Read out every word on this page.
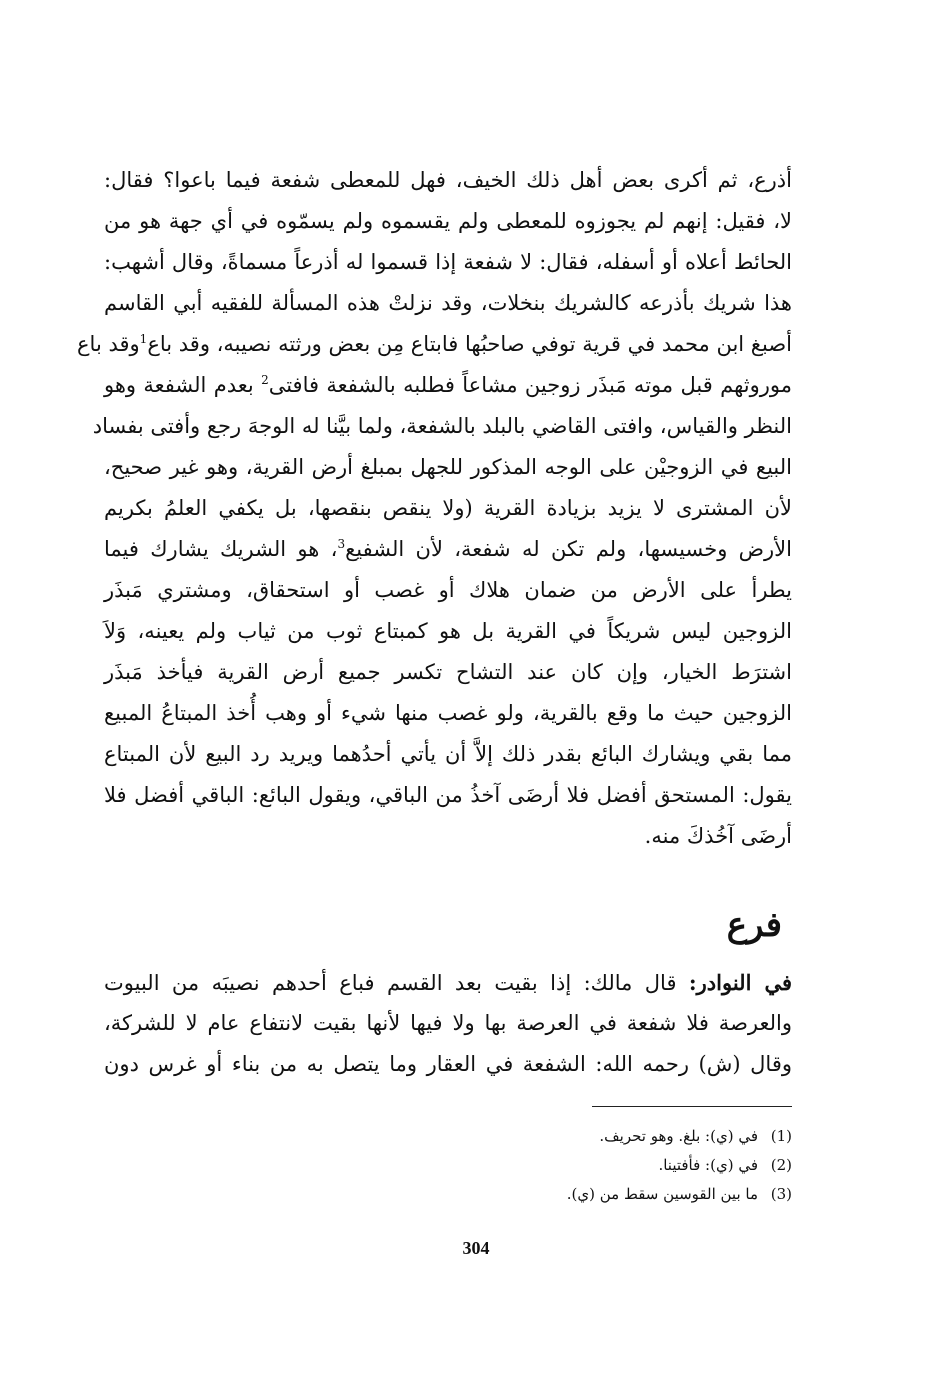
أذرع، ثم أكرى بعض أهل ذلك الخيف، فهل للمعطى شفعة فيما باعوا؟ فقال:
لا، فقيل: إنهم لم يجوزوه للمعطى ولم يقسموه ولم يسمّوه في أي جهة هو من
الحائط أعلاه أو أسفله، فقال: لا شفعة إذا قسموا له أذرعاً مسماةً، وقال أشهب:
هذا شريك بأذرعه كالشريك بنخلات، وقد نزلتْ هذه المسألة للفقيه أبي القاسم
أصبغ ابن محمد في قرية توفي صاحبُها فابتاع مِن بعض ورثته نصيبه، وقد باع$^1$وقد باع
موروثهم قبل موته مَبذَر زوجين مشاعاً فطلبه بالشفعة فافتى$^2$ بعدم الشفعة وهو
النظر والقياس، وافتى القاضي بالبلد بالشفعة، ولما بيَّنا له الوجهَ رجع وأفتى بفساد
البيع في الزوجيْن على الوجه المذكور للجهل بمبلغ أرض القرية، وهو غير صحيح،
لأن المشترى لا يزيد بزيادة القرية (ولا ينقص بنقصها، بل يكفي العلمُ بكريم
الأرض وخسيسها، ولم تكن له شفعة، لأن الشفيع$^3$، هو الشريك يشارك فيما
يطرأ على الأرض من ضمان هلاك أو غصب أو استحقاق، ومشتري مَبذَر
الزوجين ليس شريكاً في القرية بل هو كمبتاع ثوب من ثياب ولم يعينه، وَلاَ
اشترَط الخيار، وإن كان عند التشاح تكسر جميع أرض القرية فيأخذ مَبذَر
الزوجين حيث ما وقع بالقرية، ولو غصب منها شيء أو وهب أُخذ المبتاعُ المبيع
مما بقي ويشارك البائع بقدر ذلك إلاَّ أن يأتي أحدُهما ويريد رد البيع لأن المبتاع
يقول: المستحق أفضل فلا أرضَى آخذُ من الباقي، ويقول البائع: الباقي أفضل فلا
أرضَى آخُذكَ منه.
فرع
في النوادر: قال مالك: إذا بقيت بعد القسم فباع أحدهم نصيبَه من البيوت
والعرصة فلا شفعة في العرصة بها ولا فيها لأنها بقيت لانتفاع عام لا للشركة،
وقال (ش) رحمه الله: الشفعة في العقار وما يتصل به من بناء أو غرس دون
(1)
في (ي): بلغ. وهو تحريف.
(2)
في (ي): فأفتينا.
(3)
ما بين القوسين سقط من (ي).
304
